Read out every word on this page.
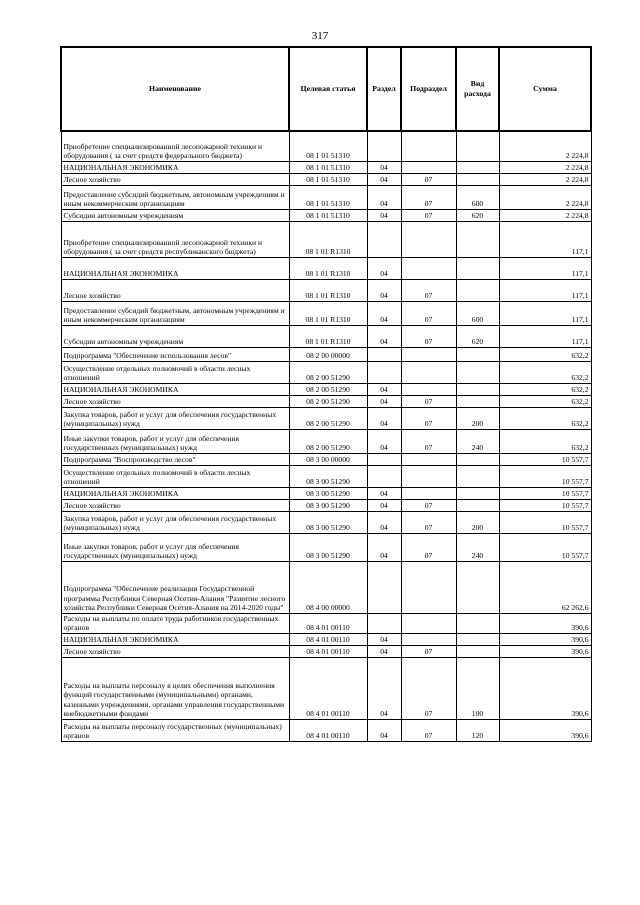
317
Наименование	Целевая статья	Раздел	Подраздел	Вид расхода	Сумма
Приобретение специализированной лесопожарной техники и оборудования ( за счет средств федерального бюджета)	08 1 01 51310				2 224,8
НАЦИОНАЛЬНАЯ ЭКОНОМИКА	08 1 01 51310	04			2 224,8
Лесное хозяйство	08 1 01 51310	04	07		2 224,8
Предоставление субсидий бюджетным, автономным учреждениям и иным некоммерческим организациям	08 1 01 51310	04	07	600	2 224,8
Субсидии автономным учреждениям	08 1 01 51310	04	07	620	2 224,8
Приобретение специализированной лесопожарной техники и оборудования ( за счет средств республиканского бюджета)	08 1 01 R1310				117,1
НАЦИОНАЛЬНАЯ ЭКОНОМИКА	08 1 01 R1310	04			117,1
Лесное хозяйство	08 1 01 R1310	04	07		117,1
Предоставление субсидий бюджетным, автономным учреждениям и иным некоммерческим организациям	08 1 01 R1310	04	07	600	117,1
Субсидии автономным учреждениям	08 1 01 R1310	04	07	620	117,1
Подпрограмма "Обеспечение использования лесов"	08 2 00 00000				632,2
Осуществление отдельных полномочий в области лесных отношений	08 2 00 51290				632,2
НАЦИОНАЛЬНАЯ ЭКОНОМИКА	08 2 00 51290	04			632,2
Лесное хозяйство	08 2 00 51290	04	07		632,2
Закупка товаров, работ и услуг для обеспечения государственных (муниципальных) нужд	08 2 00 51290	04	07	200	632,2
Иные закупки товаров, работ и услуг для обеспечения государственных (муниципальных) нужд	08 2 00 51290	04	07	240	632,2
Подпрограмма "Воспроизводство лесов"	08 3 00 00000				10 557,7
Осуществление отдельных полномочий в области лесных отношений	08 3 00 51290				10 557,7
НАЦИОНАЛЬНАЯ ЭКОНОМИКА	08 3 00 51290	04			10 557,7
Лесное хозяйство	08 3 00 51290	04	07		10 557,7
Закупка товаров, работ и услуг для обеспечения государственных (муниципальных) нужд	08 3 00 51290	04	07	200	10 557,7
Иные закупки товаров, работ и услуг для обеспечения государственных (муниципальных) нужд	08 3 00 51290	04	07	240	10 557,7
Подпрограмма "Обеспечение реализации Государственной программы Республики Северная Осетия-Алания "Развитие лесного хозяйства Республики Северная Осетия-Алания на 2014-2020 годы"	08 4 00 00000				62 262,6
Расходы на выплаты по оплате труда работников государственных органов	08 4 01 00110				390,6
НАЦИОНАЛЬНАЯ ЭКОНОМИКА	08 4 01 00110	04			390,6
Лесное хозяйство	08 4 01 00110	04	07		390,6
Расходы на выплаты персоналу в целях обеспечения выполнения функций государственными (муниципальными) органами, казенными учреждениями, органами управления государственными внебюджетными фондами	08 4 01 00110	04	07	100	390,6
Расходы на выплаты персоналу государственных (муниципальных) органов	08 4 01 00110	04	07	120	390,6
